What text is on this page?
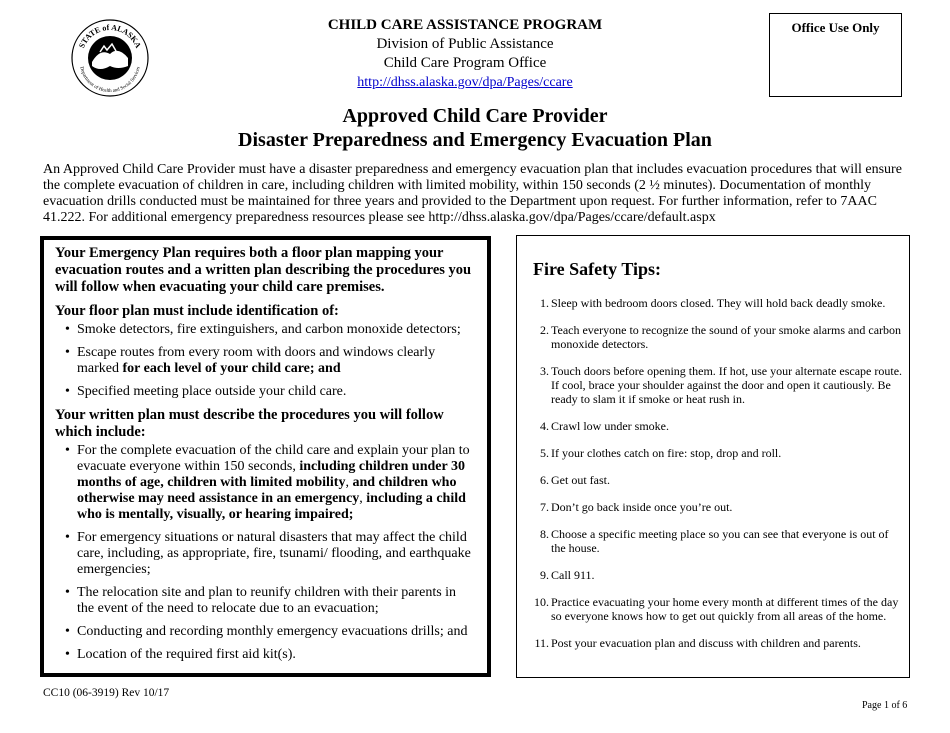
STATE of ALASKA
Department of Health and Social Services
CHILD CARE ASSISTANCE PROGRAM
Division of Public Assistance
Child Care Program Office
http://dhss.alaska.gov/dpa/Pages/ccare
Office Use Only
Approved Child Care Provider
Disaster Preparedness and Emergency Evacuation Plan
An Approved Child Care Provider must have a disaster preparedness and emergency evacuation plan that includes evacuation procedures that will ensure the complete evacuation of children in care, including children with limited mobility, within 150 seconds (2 ½ minutes). Documentation of monthly evacuation drills conducted must be maintained for three years and provided to the Department upon request. For further information, refer to 7AAC 41.222. For additional emergency preparedness resources please see http://dhss.alaska.gov/dpa/Pages/ccare/default.aspx

Your Emergency Plan requires both a floor plan mapping your evacuation routes and a written plan describing the procedures you will follow when evacuating your child care premises.

Your floor plan must include identification of:
• Smoke detectors, fire extinguishers, and carbon monoxide detectors;
• Escape routes from every room with doors and windows clearly marked for each level of your child care; and
• Specified meeting place outside your child care.
Your written plan must describe the procedures you will follow which include:
• For the complete evacuation of the child care and explain your plan to evacuate everyone within 150 seconds, including children under 30 months of age, children with limited mobility, and children who otherwise may need assistance in an emergency, including a child who is mentally, visually, or hearing impaired;
• For emergency situations or natural disasters that may affect the child care, including, as appropriate, fire, tsunami/ flooding, and earthquake emergencies;
• The relocation site and plan to reunify children with their parents in the event of the need to relocate due to an evacuation;
• Conducting and recording monthly emergency evacuations drills; and
• Location of the required first aid kit(s).
Fire Safety Tips:
1. Sleep with bedroom doors closed. They will hold back deadly smoke.
2. Teach everyone to recognize the sound of your smoke alarms and carbon monoxide detectors.
3. Touch doors before opening them. If hot, use your alternate escape route. If cool, brace your shoulder against the door and open it cautiously. Be ready to slam it if smoke or heat rush in.
4. Crawl low under smoke.
5. If your clothes catch on fire: stop, drop and roll.
6. Get out fast.
7. Don’t go back inside once you’re out.
8. Choose a specific meeting place so you can see that everyone is out of the house.
9. Call 911.
10. Practice evacuating your home every month at different times of the day so everyone knows how to get out quickly from all areas of the home.
11. Post your evacuation plan and discuss with children and parents.
CC10 (06-3919) Rev 10/17
Page 1 of 6
